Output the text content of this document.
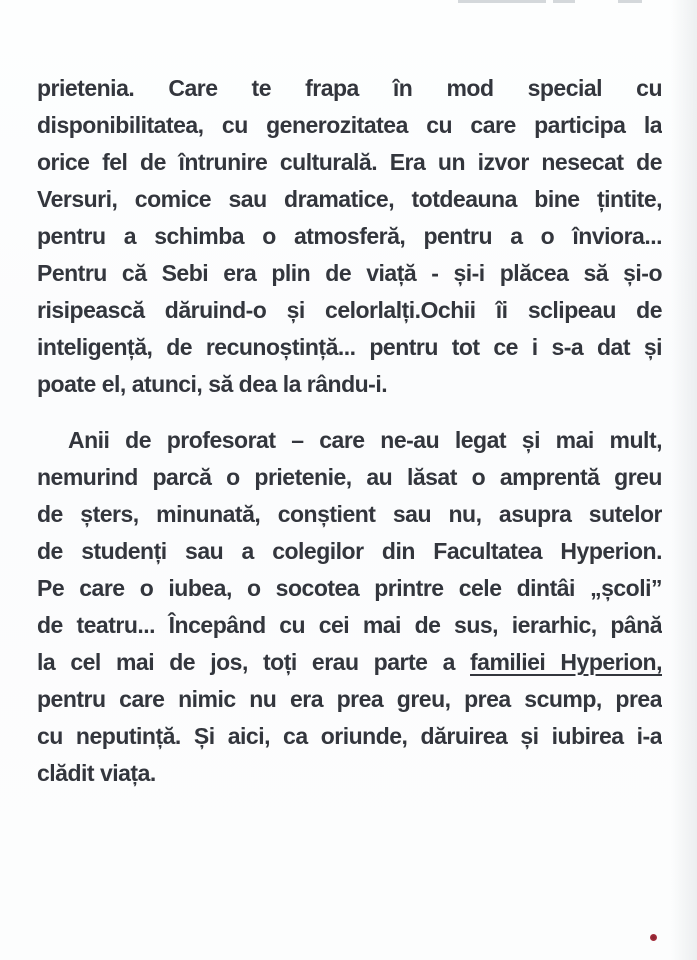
prietenia. Care te frapa în mod special cu
disponibilitatea, cu generozitatea cu care participa la
orice fel de întrunire culturală. Era un izvor nesecat de
Versuri, comice sau dramatice, totdeauna bine țintite,
pentru a schimba o atmosferă, pentru a o înviora...
Pentru că Sebi era plin de viață - și-i plăcea să și-o
risipească dăruind-o și celorlalți.Ochii îi sclipeau de
inteligență, de recunoștință... pentru tot ce i s-a dat și
poate el, atunci, să dea la rându-i.
Anii de profesorat – care ne-au legat și mai mult,
nemurind parcă o prietenie, au lăsat o amprentă greu
de șters, minunată, conștient sau nu, asupra sutelor
de studenți sau a colegilor din Facultatea Hyperion.
Pe care o iubea, o socotea printre cele dintâi „școli”
de teatru... Începând cu cei mai de sus, ierarhic, până
la cel mai de jos, toți erau parte a familiei Hyperion,
pentru care nimic nu era prea greu, prea scump, prea
cu neputință. Și aici, ca oriunde, dăruirea și iubirea i-a
clădit viața.
